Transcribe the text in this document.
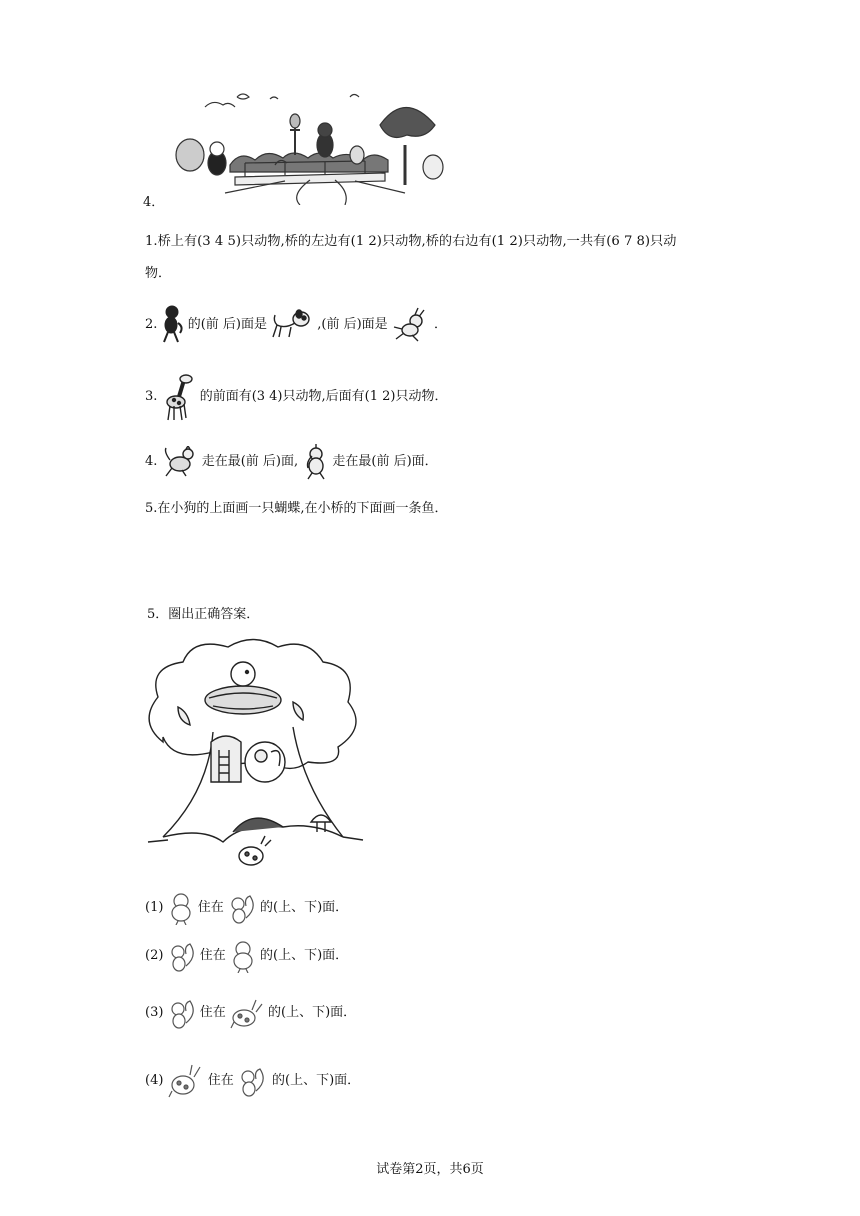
4．
1.桥上有(3 4 5)只动物,桥的左边有(1 2)只动物,桥的右边有(1 2)只动物,一共有(6 7 8)只动
物．
2. 的(前 后)面是	,(前 后)面是	．
3.	的前面有(3 4)只动物,后面有(1 2)只动物．
4.	走在最(前 后)面,	走在最(前 后)面．
5.在小狗的上面画一只蝴蝶,在小桥的下面画一条鱼．
5．圈出正确答案．
(1)	住在	的(上、下)面．
(2)	住在	的(上、下)面．
(3)	住在	的(上、下)面．
(4)	住在	的(上、下)面．
试卷第2页，共6页
